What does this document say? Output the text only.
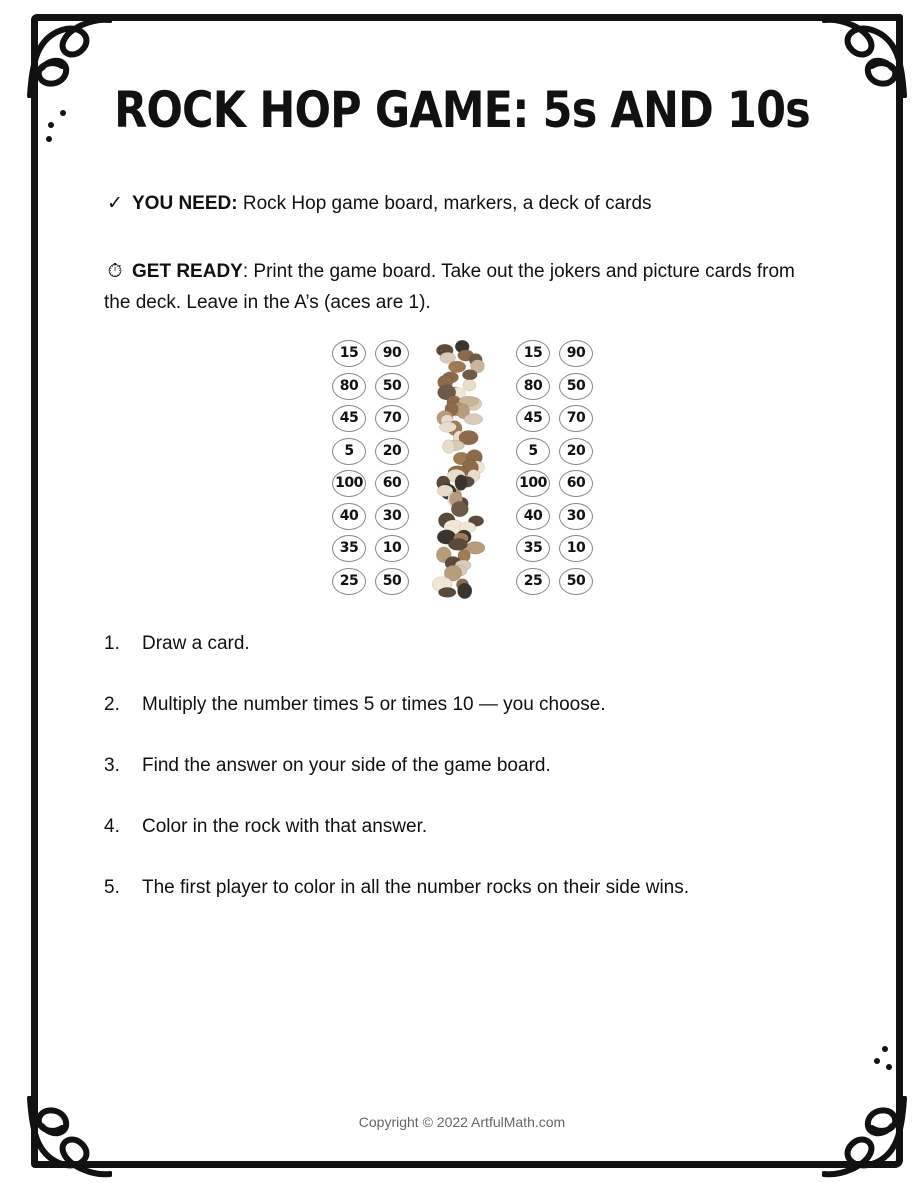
ROCK HOP GAME: 5s AND 10s
✓ YOU NEED: Rock Hop game board, markers, a deck of cards
⏱ GET READY: Print the game board. Take out the jokers and picture cards from the deck. Leave in the A’s (aces are 1).
15	90
80	50
45	70
5	20
100	60
40	30
35	10
25	50
15	90
80	50
45	70
5	20
100	60
40	30
35	10
25	50
1. Draw a card.
2. Multiply the number times 5 or times 10 — you choose.
3. Find the answer on your side of the game board.
4. Color in the rock with that answer.
5. The first player to color in all the number rocks on their side wins.
Copyright © 2022 ArtfulMath.com
